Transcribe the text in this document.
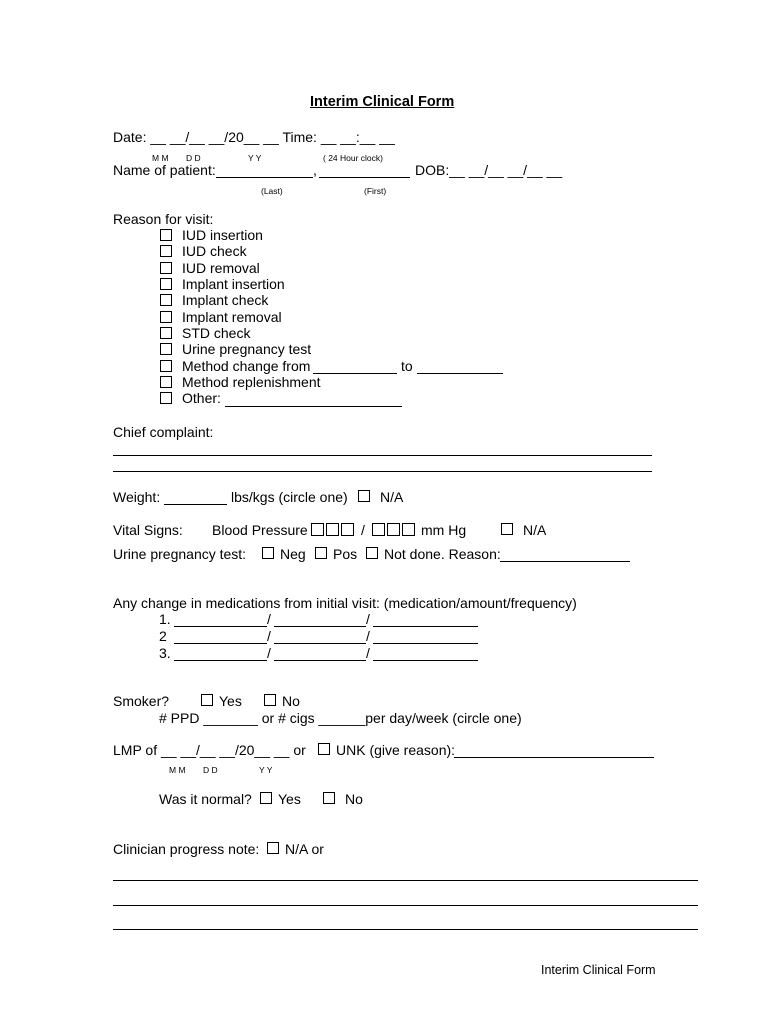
Interim Clinical Form
Date: __ __/__ __/20__ __ Time: __ __:__ __
M M D D	Y Y	( 24 Hour clock)
Name of patient:	,	DOB:__ __/__ __/__ __
(Last)	(First)
Reason for visit:
IUD insertion
IUD check
IUD removal
Implant insertion
Implant check
Implant removal
STD check
Urine pregnancy test
Method change from	to
Method replenishment
Other:
Chief complaint:
Weight:	lbs/kgs (circle one) N/A
Vital Signs: Blood Pressure	/	mm Hg	N/A
Urine pregnancy test: Neg Pos Not done. Reason:
Any change in medications from initial visit: (medication/amount/frequency)
1.	/	/
2	/	/
3.	/	/
Smoker?	Yes	No
# PPD _______ or # cigs ______per day/week (circle one)
LMP of __ __/__ __/20__ __ or UNK (give reason):
M M D D	Y Y
Was it normal? Yes	No
Clinician progress note: N/A or
Interim Clinical Form
